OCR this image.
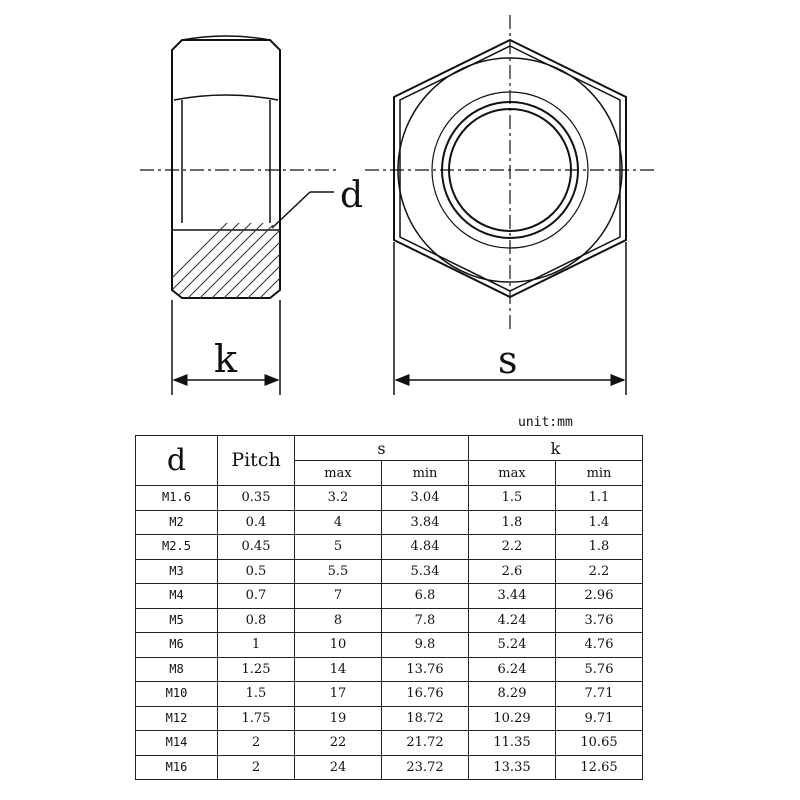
d
k	s
unit:mm
d	Pitch	s		k	
		max	min	max	min
M1.6	0.35	3.2	3.04	1.5	1.1
M2	0.4	4	3.84	1.8	1.4
M2.5	0.45	5	4.84	2.2	1.8
M3	0.5	5.5	5.34	2.6	2.2
M4	0.7	7	6.8	3.44	2.96
M5	0.8	8	7.8	4.24	3.76
M6	1	10	9.8	5.24	4.76
M8	1.25	14	13.76	6.24	5.76
M10	1.5	17	16.76	8.29	7.71
M12	1.75	19	18.72	10.29	9.71
M14	2	22	21.72	11.35	10.65
M16	2	24	23.72	13.35	12.65
